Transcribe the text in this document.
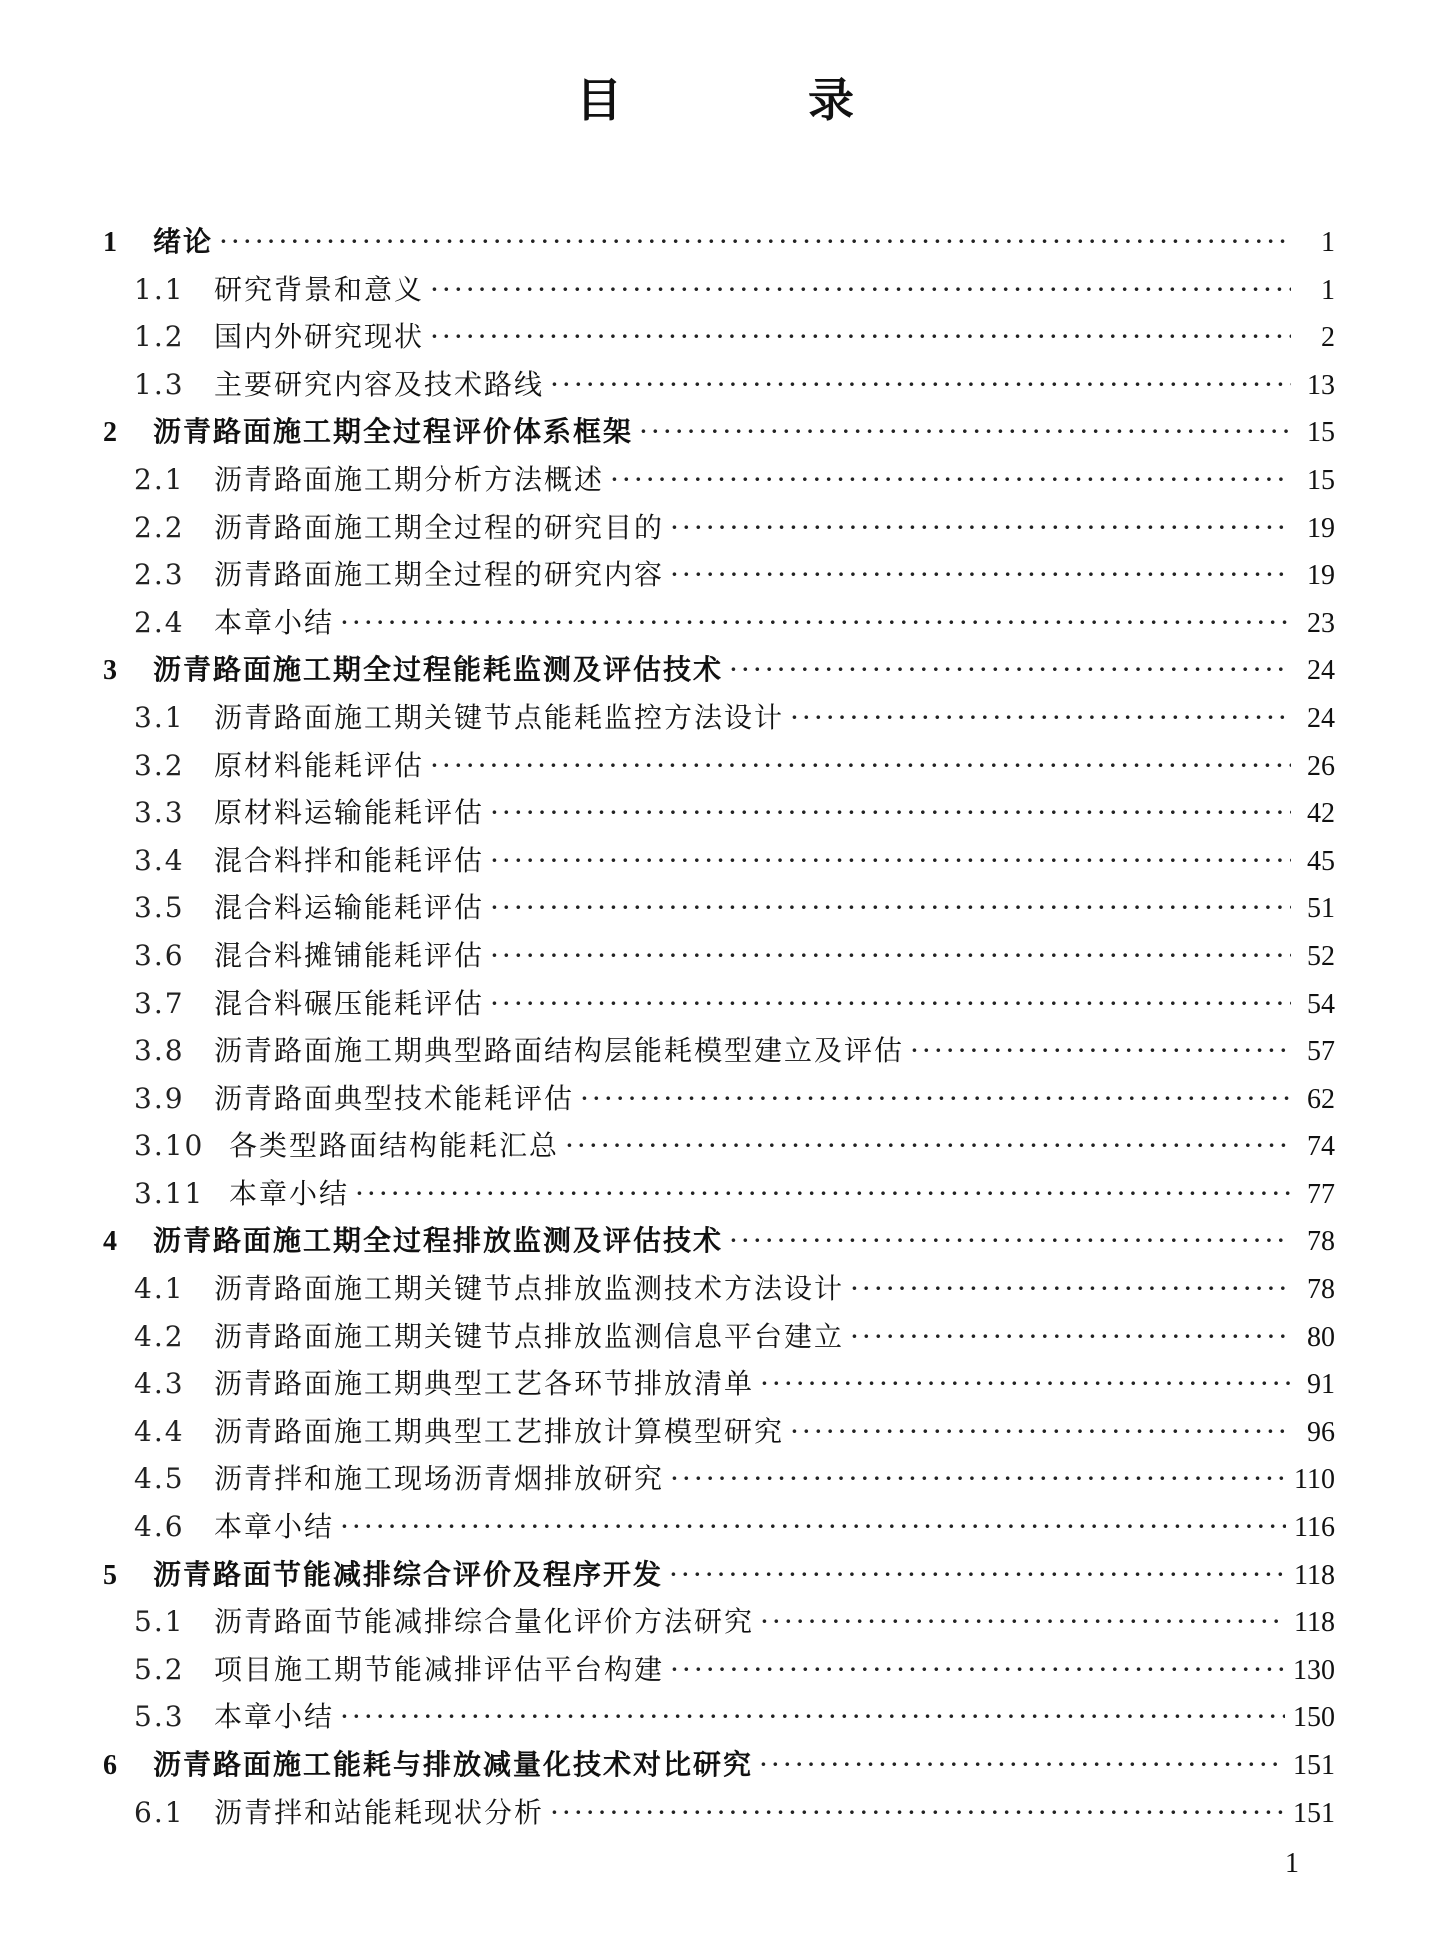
目　录
1	绪论 ·····	1
1.1	研究背景和意义 ·····	1
1.2	国内外研究现状 ·····	2
1.3	主要研究内容及技术路线 ·····	13
2	沥青路面施工期全过程评价体系框架 ·····	15
2.1	沥青路面施工期分析方法概述 ·····	15
2.2	沥青路面施工期全过程的研究目的 ·····	19
2.3	沥青路面施工期全过程的研究内容 ·····	19
2.4	本章小结 ·····	23
3	沥青路面施工期全过程能耗监测及评估技术 ·····	24
3.1	沥青路面施工期关键节点能耗监控方法设计 ·····	24
3.2	原材料能耗评估 ·····	26
3.3	原材料运输能耗评估 ·····	42
3.4	混合料拌和能耗评估 ·····	45
3.5	混合料运输能耗评估 ·····	51
3.6	混合料摊铺能耗评估 ·····	52
3.7	混合料碾压能耗评估 ·····	54
3.8	沥青路面施工期典型路面结构层能耗模型建立及评估 ·····	57
3.9	沥青路面典型技术能耗评估 ·····	62
3.10 各类型路面结构能耗汇总 ·····	74
3.11 本章小结 ·····	77
4	沥青路面施工期全过程排放监测及评估技术 ·····	78
4.1	沥青路面施工期关键节点排放监测技术方法设计 ·····	78
4.2	沥青路面施工期关键节点排放监测信息平台建立 ·····	80
4.3	沥青路面施工期典型工艺各环节排放清单 ·····	91
4.4	沥青路面施工期典型工艺排放计算模型研究 ·····	96
4.5	沥青拌和施工现场沥青烟排放研究 ·····	110
4.6	本章小结 ·····	116
5	沥青路面节能减排综合评价及程序开发 ·····	118
5.1	沥青路面节能减排综合量化评价方法研究 ·····	118
5.2	项目施工期节能减排评估平台构建 ·····	130
5.3	本章小结 ·····	150
6	沥青路面施工能耗与排放减量化技术对比研究 ·····	151
6.1	沥青拌和站能耗现状分析 ·····	151
1
